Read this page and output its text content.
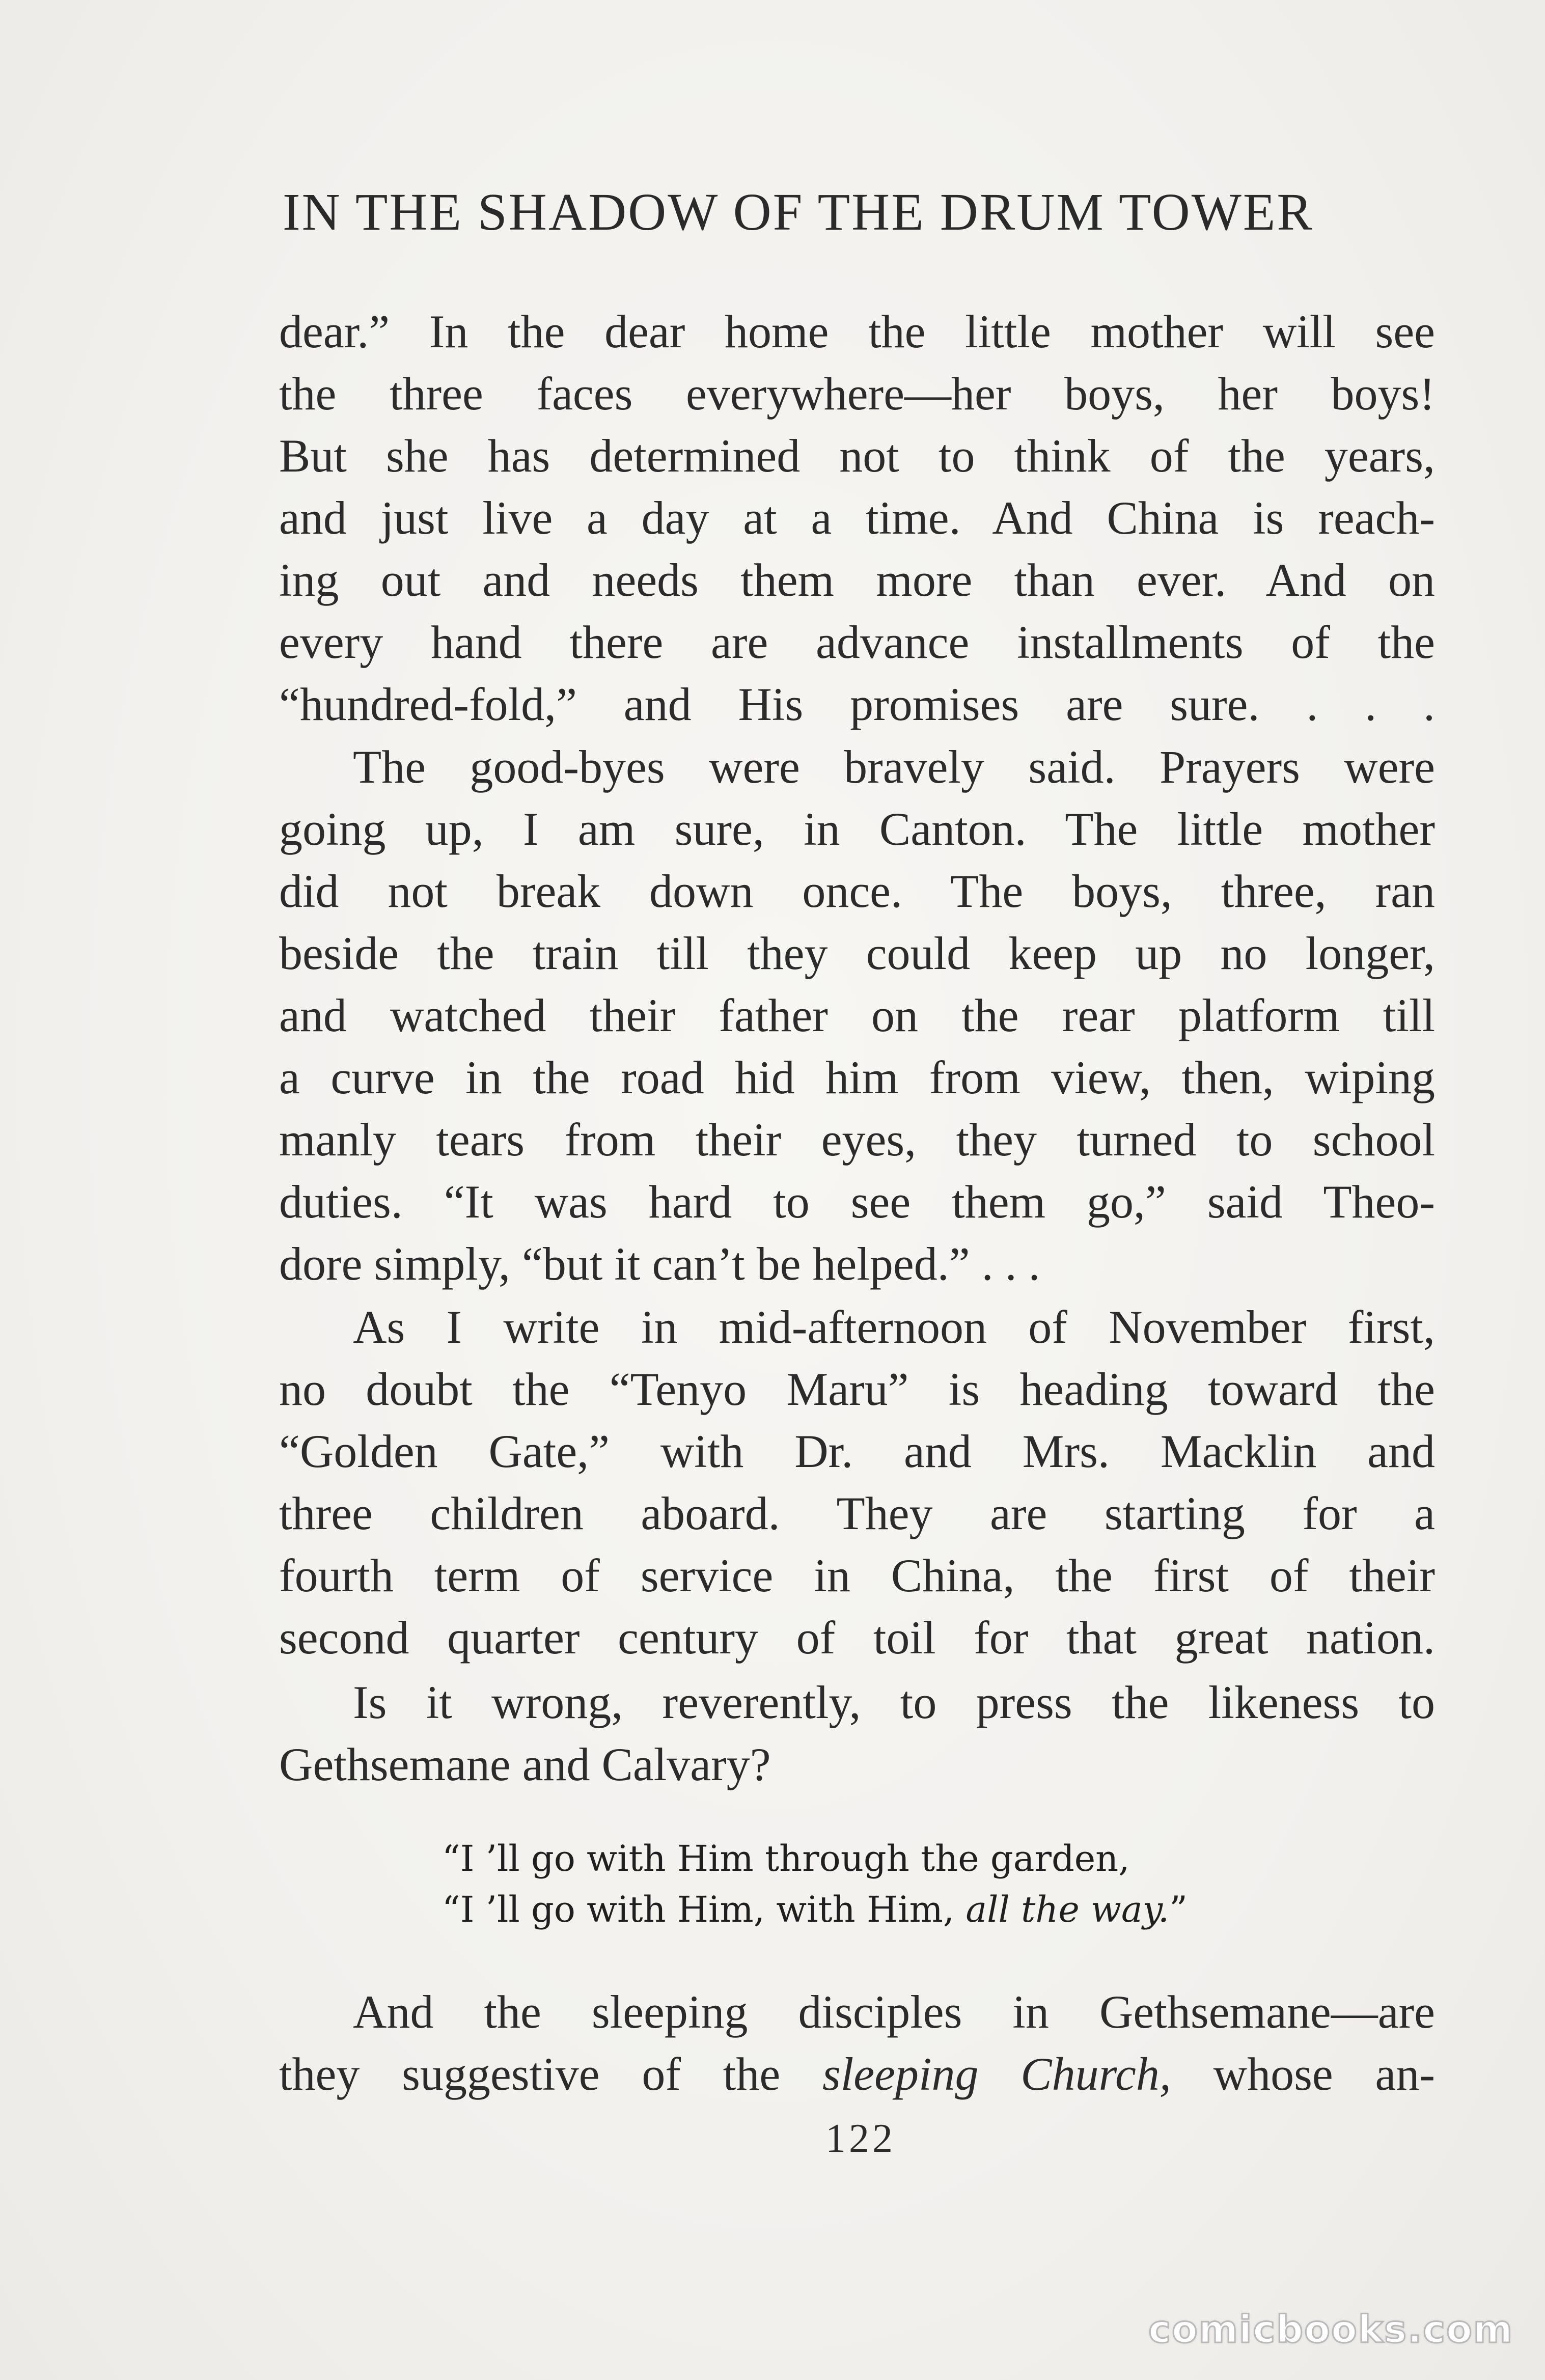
IN THE SHADOW OF THE DRUM TOWER
dear.” In the dear home the little mother will see
the three faces everywhere—her boys, her boys!
But she has determined not to think of the years,
and just live a day at a time. And China is reach-
ing out and needs them more than ever. And on
every hand there are advance installments of the
“hundred-fold,” and His promises are sure. . . .
The good-byes were bravely said. Prayers were
going up, I am sure, in Canton. The little mother
did not break down once. The boys, three, ran
beside the train till they could keep up no longer,
and watched their father on the rear platform till
a curve in the road hid him from view, then, wiping
manly tears from their eyes, they turned to school
duties. “It was hard to see them go,” said Theo-
dore simply, “but it can’t be helped.” . . .
As I write in mid-afternoon of November first,
no doubt the “Tenyo Maru” is heading toward the
“Golden Gate,” with Dr. and Mrs. Macklin and
three children aboard. They are starting for a
fourth term of service in China, the first of their
second quarter century of toil for that great nation.
Is it wrong, reverently, to press the likeness to
Gethsemane and Calvary?
“I ’ll go with Him through the garden,
“I ’ll go with Him, with Him, all the way.”
And the sleeping disciples in Gethsemane—are
they suggestive of the sleeping Church, whose an-
122
comicbooks.com
